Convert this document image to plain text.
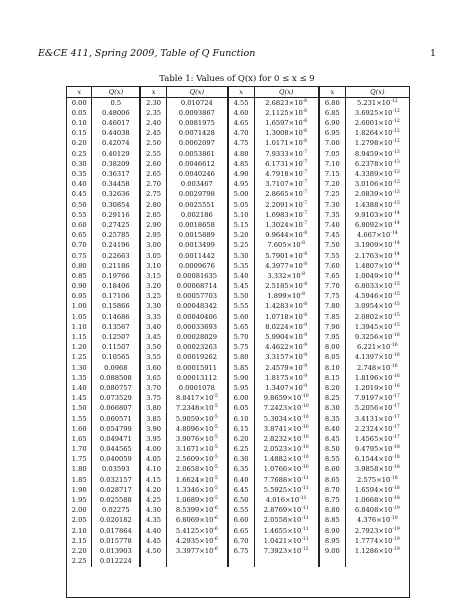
E&CE 411, Spring 2009, Table of Q Function	1
Table 1: Values of Q(x) for 0 ≤ x ≤ 9
x	Q(x)	x	Q(x)	x	Q(x)	x	Q(x)
0.00	0.5	2.30	0.010724	4.55	$2.6823\times 10^{-6}$	6.80	$5.231\times 10^{-12}$
0.05	0.48006	2.35	0.0093867	4.60	$2.1125\times 10^{-6}$	6.85	$3.6925\times 10^{-12}$
0.10	0.46017	2.40	0.0081975	4.65	$1.6597\times 10^{-6}$	6.90	$2.6001\times 10^{-12}$
0.15	0.44038	2.45	0.0071428	4.70	$1.3008\times 10^{-6}$	6.95	$1.8264\times 10^{-12}$
0.20	0.42074	2.50	0.0062097	4.75	$1.0171\times 10^{-6}$	7.00	$1.2798\times 10^{-12}$
0.25	0.40129	2.55	0.0053861	4.80	$7.9333\times 10^{-7}$	7.05	$8.9459\times 10^{-13}$
0.30	0.38209	2.60	0.0046612	4.85	$6.1731\times 10^{-7}$	7.10	$6.2378\times 10^{-13}$
0.35	0.36317	2.65	0.0040246	4.90	$4.7918\times 10^{-7}$	7.15	$4.3389\times 10^{-13}$
0.40	0.34458	2.70	0.003467	4.95	$3.7107\times 10^{-7}$	7.20	$3.0106\times 10^{-13}$
0.45	0.32636	2.75	0.0029798	5.00	$2.8665\times 10^{-7}$	7.25	$2.0839\times 10^{-13}$
0.50	0.30854	2.80	0.0025551	5.05	$2.2091\times 10^{-7}$	7.30	$1.4388\times 10^{-13}$
0.55	0.29116	2.85	0.002186	5.10	$1.6983\times 10^{-7}$	7.35	$9.9103\times 10^{-14}$
0.60	0.27425	2.90	0.0018658	5.15	$1.3024\times 10^{-7}$	7.40	$6.8092\times 10^{-14}$
0.65	0.25785	2.95	0.0015889	5.20	$9.9644\times 10^{-8}$	7.45	$4.667\times 10^{-14}$
0.70	0.24196	3.00	0.0013499	5.25	$7.605\times 10^{-8}$	7.50	$3.1909\times 10^{-14}$
0.75	0.22663	3.05	0.0011442	5.30	$5.7901\times 10^{-8}$	7.55	$2.1763\times 10^{-14}$
0.80	0.21186	3.10	0.0009676	5.35	$4.3977\times 10^{-8}$	7.60	$1.4807\times 10^{-14}$
0.85	0.19766	3.15	0.00081635	5.40	$3.332\times 10^{-8}$	7.65	$1.0049\times 10^{-14}$
0.90	0.18406	3.20	0.00068714	5.45	$2.5185\times 10^{-8}$	7.70	$6.8033\times 10^{-15}$
0.95	0.17106	3.25	0.00057703	5.50	$1.899\times 10^{-8}$	7.75	$4.5946\times 10^{-15}$
1.00	0.15866	3.30	0.00048342	5.55	$1.4283\times 10^{-8}$	7.80	$3.0954\times 10^{-15}$
1.05	0.14686	3.35	0.00040406	5.60	$1.0718\times 10^{-8}$	7.85	$2.0802\times 10^{-15}$
1.10	0.13567	3.40	0.00033693	5.65	$8.0224\times 10^{-9}$	7.90	$1.3945\times 10^{-15}$
1.15	0.12507	3.45	0.00028029	5.70	$5.9904\times 10^{-9}$	7.95	$9.3256\times 10^{-16}$
1.20	0.11507	3.50	0.00023263	5.75	$4.4622\times 10^{-9}$	8.00	$6.221\times 10^{-16}$
1.25	0.10565	3.55	0.00019262	5.80	$3.3157\times 10^{-9}$	8.05	$4.1397\times 10^{-16}$
1.30	0.0968	3.60	0.00015911	5.85	$2.4579\times 10^{-9}$	8.10	$2.748\times 10^{-16}$
1.35	0.088508	3.65	0.00013112	5.90	$1.8175\times 10^{-9}$	8.15	$1.8196\times 10^{-16}$
1.40	0.080757	3.70	0.0001078	5.95	$1.3407\times 10^{-9}$	8.20	$1.2019\times 10^{-16}$
1.45	0.073529	3.75	$8.8417\times 10^{-5}$	6.00	$9.8659\times 10^{-10}$	8.25	$7.9197\times 10^{-17}$
1.50	0.066807	3.80	$7.2348\times 10^{-5}$	6.05	$7.2423\times 10^{-10}$	8.30	$5.2056\times 10^{-17}$
1.55	0.060571	3.85	$5.9059\times 10^{-5}$	6.10	$5.3034\times 10^{-10}$	8.35	$3.4131\times 10^{-17}$
1.60	0.054799	3.90	$4.8096\times 10^{-5}$	6.15	$3.8741\times 10^{-10}$	8.40	$2.2324\times 10^{-17}$
1.65	0.049471	3.95	$3.9076\times 10^{-5}$	6.20	$2.8232\times 10^{-10}$	8.45	$1.4565\times 10^{-17}$
1.70	0.044565	4.00	$3.1671\times 10^{-5}$	6.25	$2.0523\times 10^{-10}$	8.50	$9.4795\times 10^{-18}$
1.75	0.040059	4.05	$2.5609\times 10^{-5}$	6.30	$1.4882\times 10^{-10}$	8.55	$6.1544\times 10^{-18}$
1.80	0.03593	4.10	$2.0658\times 10^{-5}$	6.35	$1.0766\times 10^{-10}$	8.60	$3.9858\times 10^{-18}$
1.85	0.032157	4.15	$1.6624\times 10^{-5}$	6.40	$7.7688\times 10^{-11}$	8.65	$2.575\times 10^{-18}$
1.90	0.028717	4.20	$1.3346\times 10^{-5}$	6.45	$5.5925\times 10^{-11}$	8.70	$1.6594\times 10^{-18}$
1.95	0.025588	4.25	$1.0689\times 10^{-5}$	6.50	$4.016\times 10^{-11}$	8.75	$1.0668\times 10^{-18}$
2.00	0.02275	4.30	$8.5399\times 10^{-6}$	6.55	$2.8769\times 10^{-11}$	8.80	$6.8408\times 10^{-19}$
2.05	0.020182	4.35	$6.8069\times 10^{-6}$	6.60	$2.0558\times 10^{-11}$	8.85	$4.376\times 10^{-19}$
2.10	0.017864	4.40	$5.4125\times 10^{-6}$	6.65	$1.4655\times 10^{-11}$	8.90	$2.7923\times 10^{-19}$
2.15	0.015778	4.45	$4.2935\times 10^{-6}$	6.70	$1.0421\times 10^{-11}$	8.95	$1.7774\times 10^{-19}$
2.20	0.013903	4.50	$3.3977\times 10^{-6}$	6.75	$7.3923\times 10^{-12}$	9.00	$1.1286\times 10^{-19}$
2.25	0.012224						
